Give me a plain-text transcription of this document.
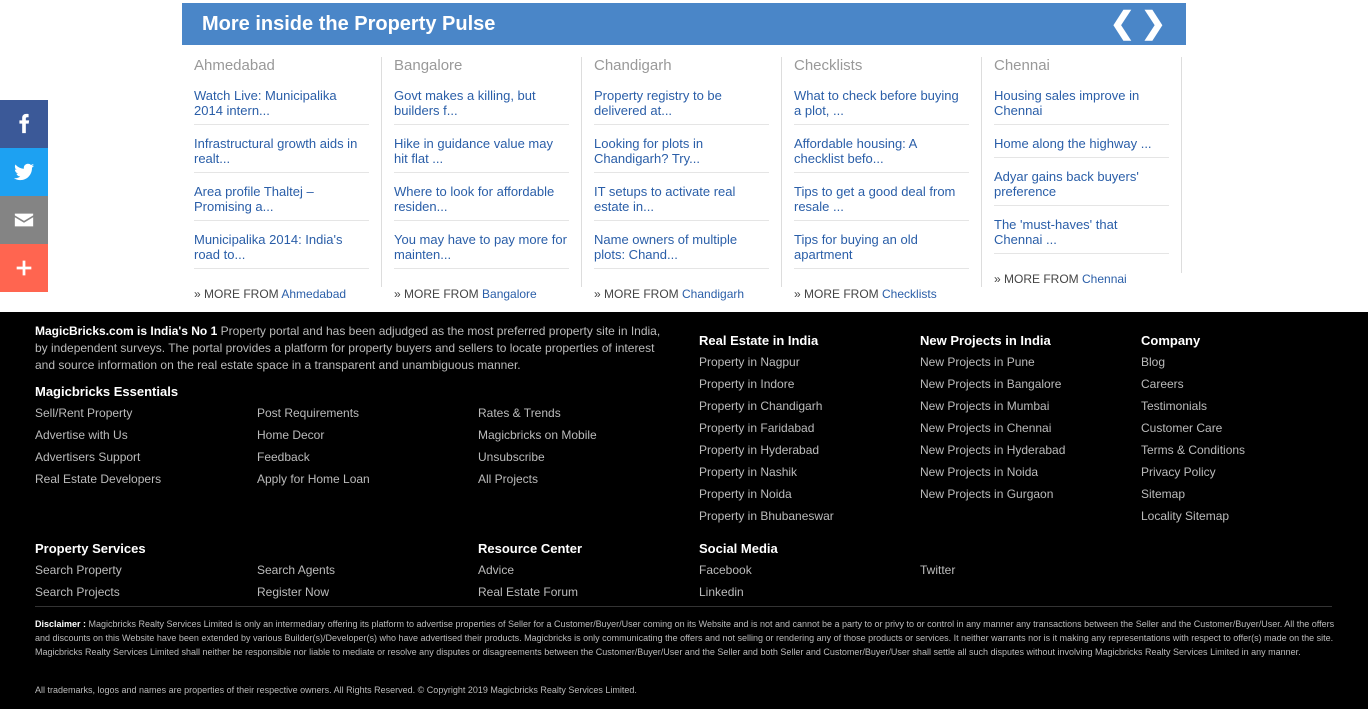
More inside the Property Pulse	❮ ❯
Ahmedabad
Watch Live: Municipalika 2014 intern...
Infrastructural growth aids in realt...
Area profile Thaltej – Promising a...
Municipalika 2014: India's road to...
» MORE FROM Ahmedabad
Bangalore
Govt makes a killing, but builders f...
Hike in guidance value may hit flat ...
Where to look for affordable residen...
You may have to pay more for mainten...
» MORE FROM Bangalore
Chandigarh
Property registry to be delivered at...
Looking for plots in Chandigarh? Try...
IT setups to activate real estate in...
Name owners of multiple plots: Chand...
» MORE FROM Chandigarh
Checklists
What to check before buying a plot, ...
Affordable housing: A checklist befo...
Tips to get a good deal from resale ...
Tips for buying an old apartment
» MORE FROM Checklists
Chennai
Housing sales improve in Chennai
Home along the highway ...
Adyar gains back buyers' preference
The 'must-haves' that Chennai ...
» MORE FROM Chennai
MagicBricks.com is India's No 1 Property portal and has been adjudged as the most preferred property site in India, by independent surveys. The portal provides a platform for property buyers and sellers to locate properties of interest and source information on the real estate space in a transparent and unambiguous manner.
Magicbricks Essentials
Sell/Rent Property
Advertise with Us
Advertisers Support
Real Estate Developers
Post Requirements
Home Decor
Feedback
Apply for Home Loan
Rates & Trends
Magicbricks on Mobile
Unsubscribe
All Projects
Real Estate in India
Property in Nagpur
Property in Indore
Property in Chandigarh
Property in Faridabad
Property in Hyderabad
Property in Nashik
Property in Noida
Property in Bhubaneswar
New Projects in India
New Projects in Pune
New Projects in Bangalore
New Projects in Mumbai
New Projects in Chennai
New Projects in Hyderabad
New Projects in Noida
New Projects in Gurgaon
Company
Blog
Careers
Testimonials
Customer Care
Terms & Conditions
Privacy Policy
Sitemap
Locality Sitemap
Property Services
Search Property
Search Projects
Search Agents
Register Now
Resource Center
Advice
Real Estate Forum
Social Media
Facebook
Linkedin
Twitter
Disclaimer : Magicbricks Realty Services Limited is only an intermediary offering its platform to advertise properties of Seller for a Customer/Buyer/User coming on its Website and is not and cannot be a party to or privy to or control in any manner any transactions between the Seller and the Customer/Buyer/User. All the offers and discounts on this Website have been extended by various Builder(s)/Developer(s) who have advertised their products. Magicbricks is only communicating the offers and not selling or rendering any of those products or services. It neither warrants nor is it making any representations with respect to offer(s) made on the site. Magicbricks Realty Services Limited shall neither be responsible nor liable to mediate or resolve any disputes or disagreements between the Customer/Buyer/User and the Seller and both Seller and Customer/Buyer/User shall settle all such disputes without involving Magicbricks Realty Services Limited in any manner.
All trademarks, logos and names are properties of their respective owners. All Rights Reserved. © Copyright 2019 Magicbricks Realty Services Limited.
